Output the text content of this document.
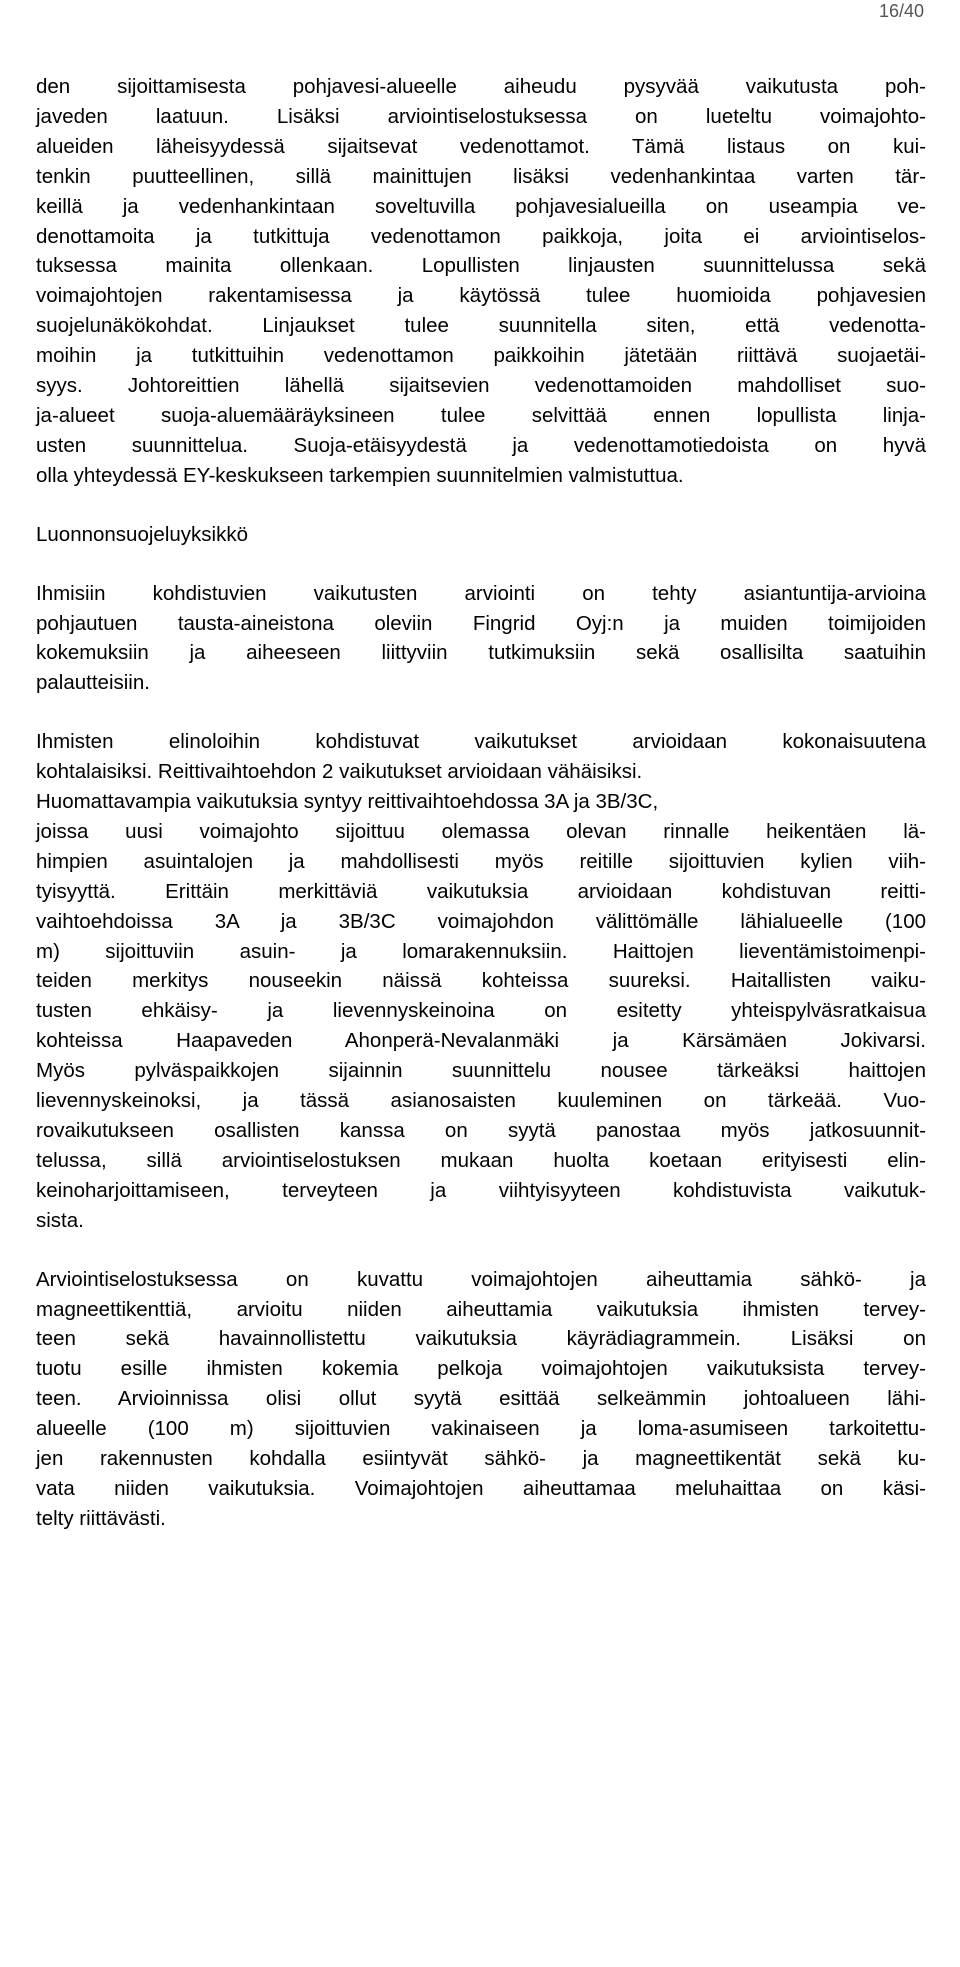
16/40
den sijoittamisesta pohjavesi-alueelle aiheudu pysyvää vaikutusta poh-
javeden laatuun. Lisäksi arviointiselostuksessa on lueteltu voimajohto-
alueiden läheisyydessä sijaitsevat vedenottamot. Tämä listaus on kui-
tenkin puutteellinen, sillä mainittujen lisäksi vedenhankintaa varten tär-
keillä ja vedenhankintaan soveltuvilla pohjavesialueilla on useampia ve-
denottamoita ja tutkittuja vedenottamon paikkoja, joita ei arviointiselos-
tuksessa mainita ollenkaan. Lopullisten linjausten suunnittelussa sekä
voimajohtojen rakentamisessa ja käytössä tulee huomioida pohjavesien
suojelunäkökohdat. Linjaukset tulee suunnitella siten, että vedenotta-
moihin ja tutkittuihin vedenottamon paikkoihin jätetään riittävä suojaetäi-
syys. Johtoreittien lähellä sijaitsevien vedenottamoiden mahdolliset suo-
ja-alueet suoja-aluemääräyksineen tulee selvittää ennen lopullista linja-
usten suunnittelua. Suoja-etäisyydestä ja vedenottamotiedoista on hyvä
olla yhteydessä EY-keskukseen tarkempien suunnitelmien valmistuttua.
Luonnonsuojeluyksikkö
Ihmisiin kohdistuvien vaikutusten arviointi on tehty asiantuntija-arvioina
pohjautuen tausta-aineistona oleviin Fingrid Oyj:n ja muiden toimijoiden
kokemuksiin ja aiheeseen liittyviin tutkimuksiin sekä osallisilta saatuihin
palautteisiin.
Ihmisten elinoloihin kohdistuvat vaikutukset arvioidaan kokonaisuutena
kohtalaisiksi. Reittivaihtoehdon 2 vaikutukset arvioidaan vähäisiksi.
Huomattavampia vaikutuksia syntyy reittivaihtoehdossa 3A ja 3B/3C,
joissa uusi voimajohto sijoittuu olemassa olevan rinnalle heikentäen lä-
himpien asuintalojen ja mahdollisesti myös reitille sijoittuvien kylien viih-
tyisyyttä. Erittäin merkittäviä vaikutuksia arvioidaan kohdistuvan reitti-
vaihtoehdoissa 3A ja 3B/3C voimajohdon välittömälle lähialueelle (100
m) sijoittuviin asuin- ja lomarakennuksiin. Haittojen lieventämistoimenpi-
teiden merkitys nouseekin näissä kohteissa suureksi. Haitallisten vaiku-
tusten ehkäisy- ja lievennyskeinoina on esitetty yhteispylväsratkaisua
kohteissa Haapaveden Ahonperä-Nevalanmäki ja Kärsämäen Jokivarsi.
Myös pylväspaikkojen sijainnin suunnittelu nousee tärkeäksi haittojen
lievennyskeinoksi, ja tässä asianosaisten kuuleminen on tärkeää. Vuo-
rovaikutukseen osallisten kanssa on syytä panostaa myös jatkosuunnit-
telussa, sillä arviointiselostuksen mukaan huolta koetaan erityisesti elin-
keinoharjoittamiseen, terveyteen ja viihtyisyyteen kohdistuvista vaikutuk-
sista.
Arviointiselostuksessa on kuvattu voimajohtojen aiheuttamia sähkö- ja
magneettikenttiä, arvioitu niiden aiheuttamia vaikutuksia ihmisten tervey-
teen sekä havainnollistettu vaikutuksia käyrädiagrammein. Lisäksi on
tuotu esille ihmisten kokemia pelkoja voimajohtojen vaikutuksista tervey-
teen. Arvioinnissa olisi ollut syytä esittää selkeämmin johtoalueen lähi-
alueelle (100 m) sijoittuvien vakinaiseen ja loma-asumiseen tarkoitettu-
jen rakennusten kohdalla esiintyvät sähkö- ja magneettikentät sekä ku-
vata niiden vaikutuksia. Voimajohtojen aiheuttamaa meluhaittaa on käsi-
telty riittävästi.
